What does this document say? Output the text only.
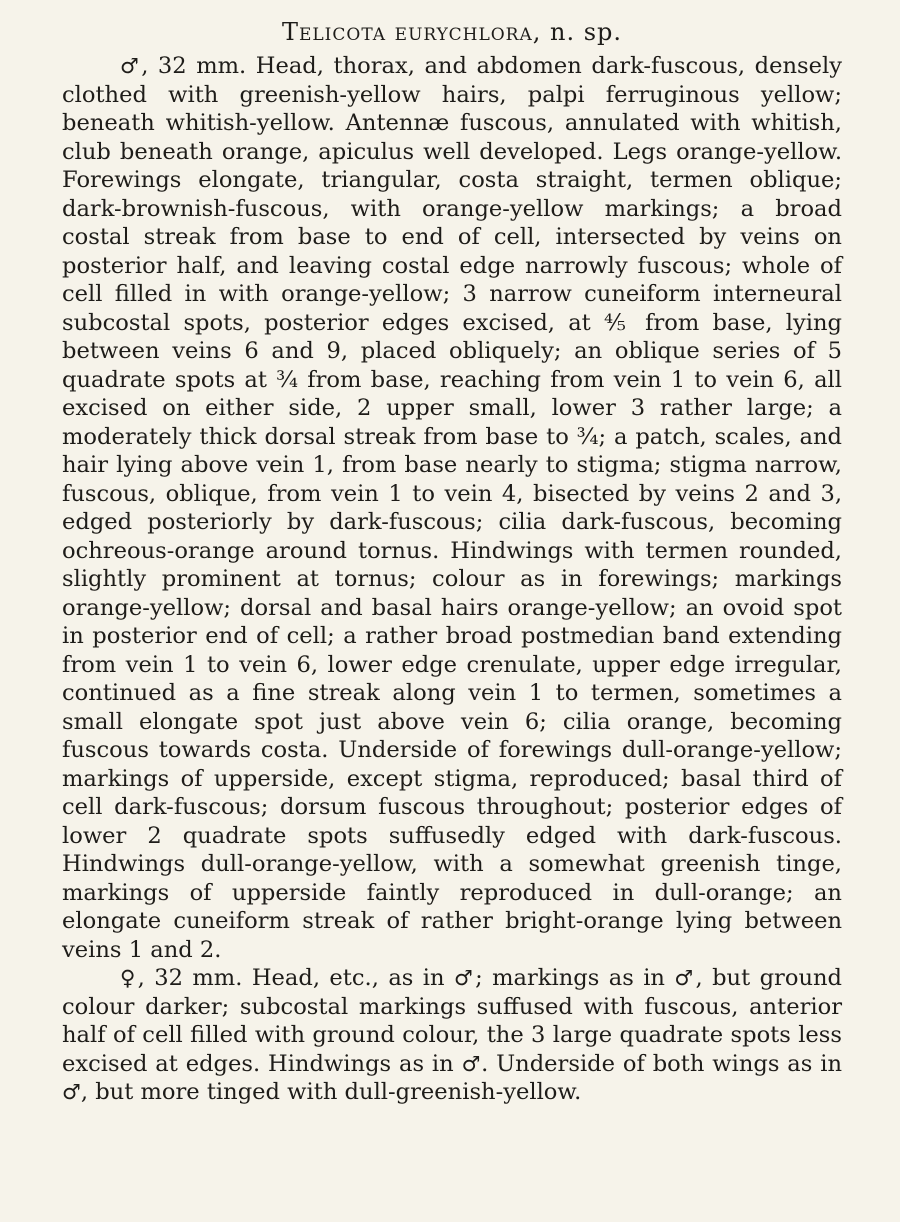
Telicota eurychlora, n. sp.

♂, 32 mm. Head, thorax, and abdomen dark-fuscous, densely clothed with greenish-yellow hairs, palpi ferruginous yellow; beneath whitish-yellow. Antennæ fuscous, annulated with whitish, club beneath orange, apiculus well developed. Legs orange-yellow. Forewings elongate, triangular, costa straight, termen oblique; dark-brownish-fuscous, with orange-yellow markings; a broad costal streak from base to end of cell, intersected by veins on posterior half, and leaving costal edge narrowly fuscous; whole of cell filled in with orange-yellow; 3 narrow cuneiform interneural subcostal spots, posterior edges excised, at ⅘ from base, lying between veins 6 and 9, placed obliquely; an oblique series of 5 quadrate spots at ¾ from base, reaching from vein 1 to vein 6, all excised on either side, 2 upper small, lower 3 rather large; a moderately thick dorsal streak from base to ¾; a patch, scales, and hair lying above vein 1, from base nearly to stigma; stigma narrow, fuscous, oblique, from vein 1 to vein 4, bisected by veins 2 and 3, edged posteriorly by dark-fuscous; cilia dark-fuscous, becoming ochreous-orange around tornus. Hindwings with termen rounded, slightly prominent at tornus; colour as in forewings; markings orange-yellow; dorsal and basal hairs orange-yellow; an ovoid spot in posterior end of cell; a rather broad postmedian band extending from vein 1 to vein 6, lower edge crenulate, upper edge irregular, continued as a fine streak along vein 1 to termen, sometimes a small elongate spot just above vein 6; cilia orange, becoming fuscous towards costa. Underside of forewings dull-orange-yellow; markings of upperside, except stigma, reproduced; basal third of cell dark-fuscous; dorsum fuscous throughout; posterior edges of lower 2 quadrate spots suffusedly edged with dark-fuscous. Hindwings dull-orange-yellow, with a somewhat greenish tinge, markings of upperside faintly reproduced in dull-orange; an elongate cuneiform streak of rather bright-orange lying between veins 1 and 2.

♀, 32 mm. Head, etc., as in ♂; markings as in ♂, but ground colour darker; subcostal markings suffused with fuscous, anterior half of cell filled with ground colour, the 3 large quadrate spots less excised at edges. Hindwings as in ♂. Underside of both wings as in ♂, but more tinged with dull-greenish-yellow.
